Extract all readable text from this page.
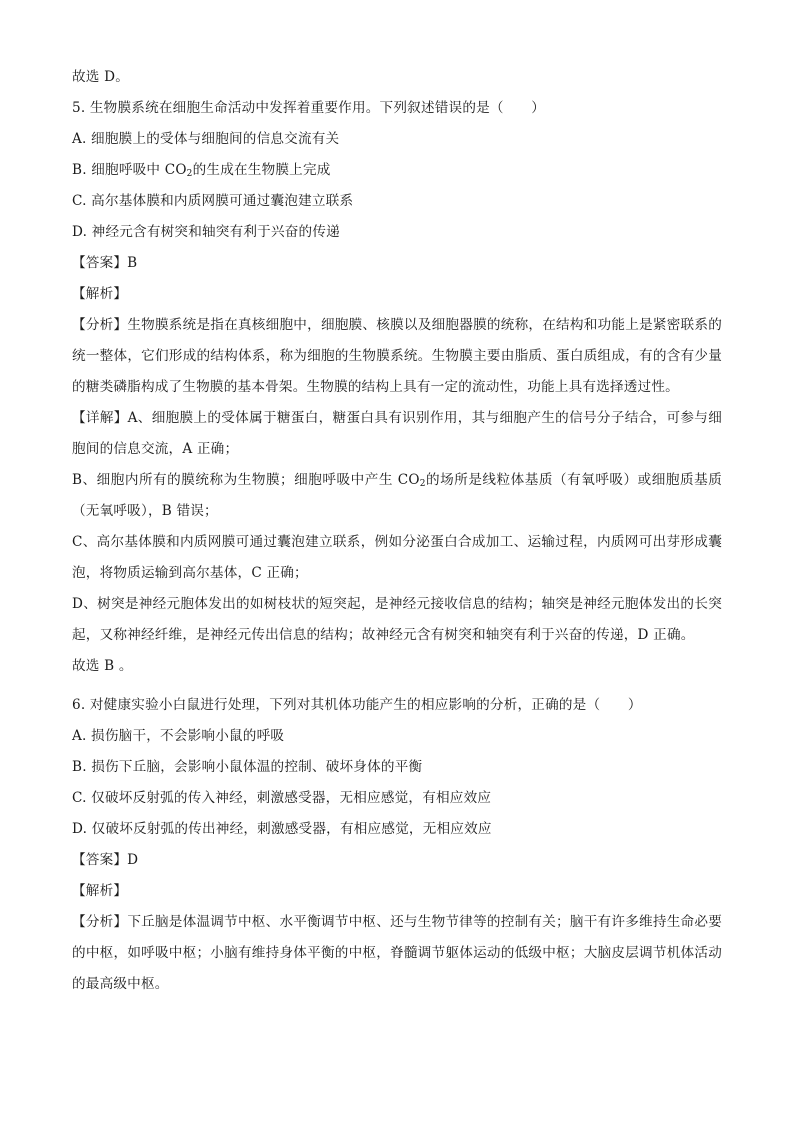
故选 D。

5. 生物膜系统在细胞生命活动中发挥着重要作用。下列叙述错误的是（　　）

A. 细胞膜上的受体与细胞间的信息交流有关

B. 细胞呼吸中 $CO_2$的生成在生物膜上完成

C. 高尔基体膜和内质网膜可通过囊泡建立联系

D. 神经元含有树突和轴突有利于兴奋的传递

【答案】B

【解析】

【分析】生物膜系统是指在真核细胞中，细胞膜、核膜以及细胞器膜的统称，在结构和功能上是紧密联系的统一整体，它们形成的结构体系，称为细胞的生物膜系统。生物膜主要由脂质、蛋白质组成，有的含有少量的糖类磷脂构成了生物膜的基本骨架。生物膜的结构上具有一定的流动性，功能上具有选择透过性。

【详解】A、细胞膜上的受体属于糖蛋白，糖蛋白具有识别作用，其与细胞产生的信号分子结合，可参与细胞间的信息交流，A 正确；

B、细胞内所有的膜统称为生物膜；细胞呼吸中产生 $CO_2$的场所是线粒体基质（有氧呼吸）或细胞质基质（无氧呼吸），B 错误；

C、高尔基体膜和内质网膜可通过囊泡建立联系，例如分泌蛋白合成加工、运输过程，内质网可出芽形成囊泡，将物质运输到高尔基体，C 正确；

D、树突是神经元胞体发出的如树枝状的短突起，是神经元接收信息的结构；轴突是神经元胞体发出的长突起，又称神经纤维，是神经元传出信息的结构；故神经元含有树突和轴突有利于兴奋的传递，D 正确。

故选 B 。

6. 对健康实验小白鼠进行处理，下列对其机体功能产生的相应影响的分析，正确的是（　　）

A. 损伤脑干，不会影响小鼠的呼吸

B. 损伤下丘脑，会影响小鼠体温的控制、破坏身体的平衡

C. 仅破坏反射弧的传入神经，刺激感受器，无相应感觉，有相应效应

D. 仅破坏反射弧的传出神经，刺激感受器，有相应感觉，无相应效应

【答案】D

【解析】

【分析】下丘脑是体温调节中枢、水平衡调节中枢、还与生物节律等的控制有关；脑干有许多维持生命必要的中枢，如呼吸中枢；小脑有维持身体平衡的中枢，脊髓调节躯体运动的低级中枢；大脑皮层调节机体活动的最高级中枢。
